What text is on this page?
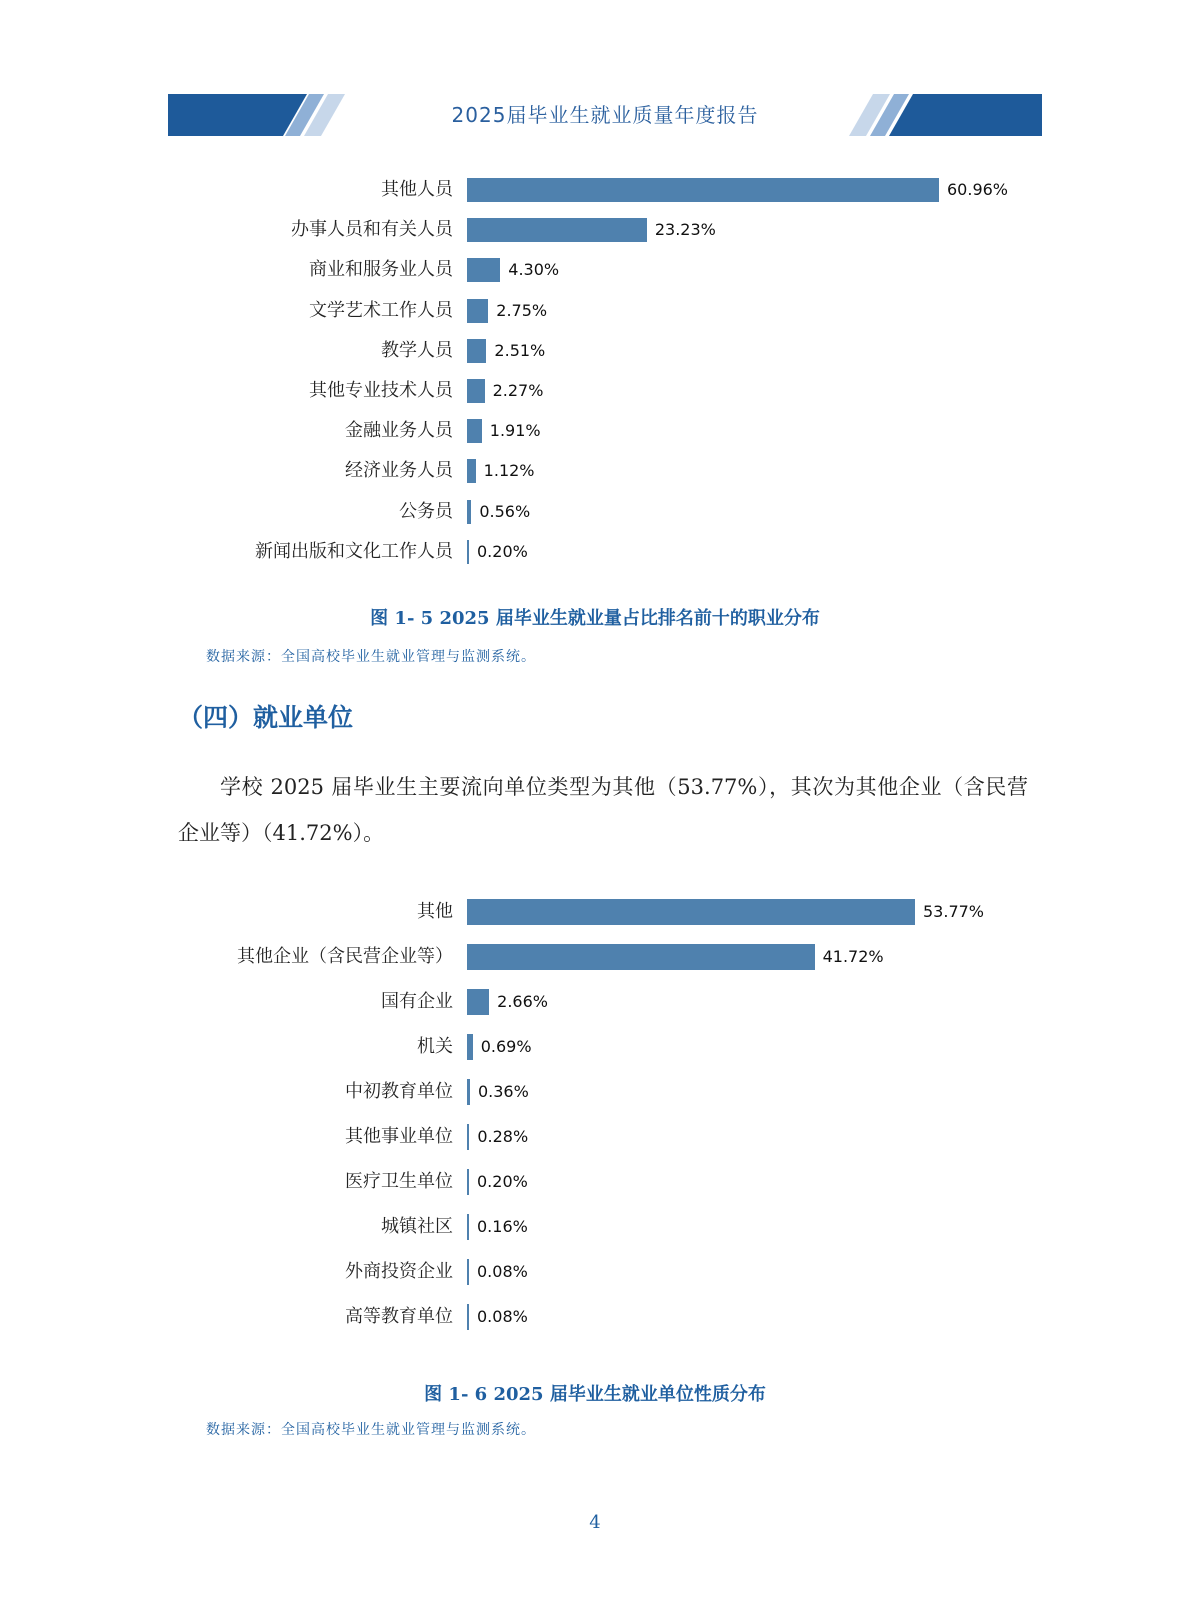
2025届毕业生就业质量年度报告
其他人员	60.96%
办事人员和有关人员	23.23%
商业和服务业人员	4.30%
文学艺术工作人员	2.75%
教学人员	2.51%
其他专业技术人员 2.27%
金融业务人员 1.91%
经济业务人员 1.12%
公务员 0.56%
新闻出版和文化工作人员 0.20%
图 1- 5 2025 届毕业生就业量占比排名前十的职业分布
数据来源：全国高校毕业生就业管理与监测系统。
（四）就业单位
学校 2025 届毕业生主要流向单位类型为其他（53.77%），其次为其他企业（含民营企业等）（41.72%）。
其他	53.77%
其他企业（含民营企业等）	41.72%
国有企业	2.66%
机关 0.69%
中初教育单位 0.36%
其他事业单位 0.28%
医疗卫生单位 0.20%
城镇社区 0.16%
外商投资企业 0.08%
高等教育单位 0.08%
图 1- 6 2025 届毕业生就业单位性质分布
数据来源：全国高校毕业生就业管理与监测系统。
4
